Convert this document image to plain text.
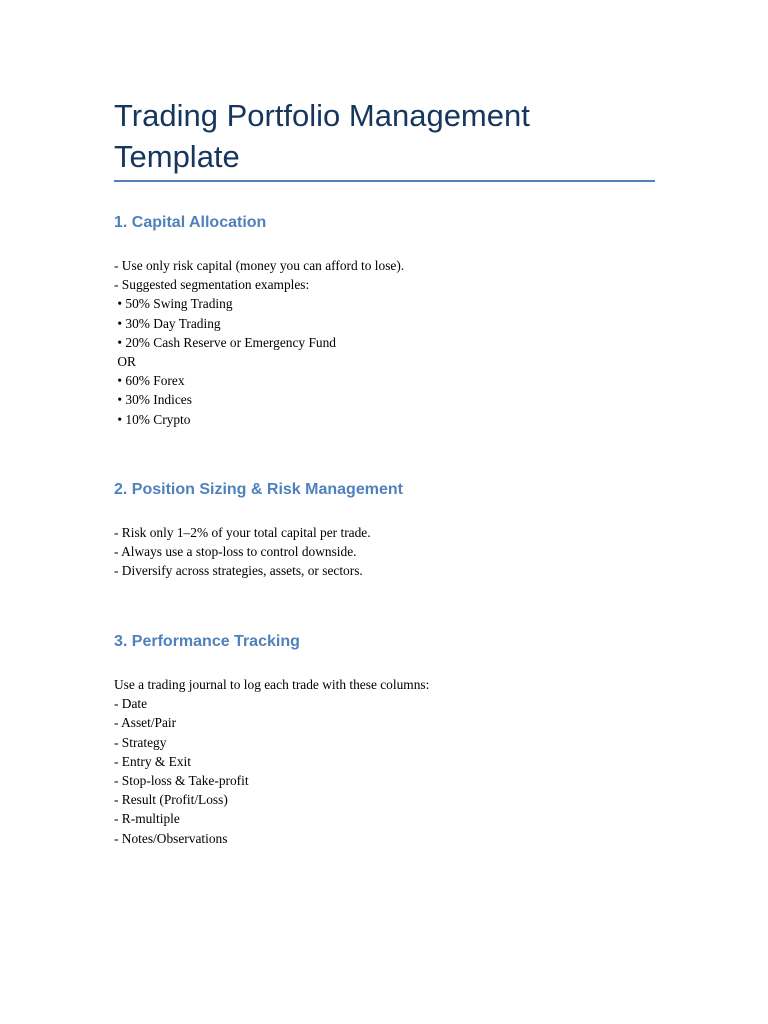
Trading Portfolio Management Template
1. Capital Allocation
- Use only risk capital (money you can afford to lose).
- Suggested segmentation examples:
• 50% Swing Trading
• 30% Day Trading
• 20% Cash Reserve or Emergency Fund
OR
• 60% Forex
• 30% Indices
• 10% Crypto
2. Position Sizing & Risk Management
- Risk only 1–2% of your total capital per trade.
- Always use a stop-loss to control downside.
- Diversify across strategies, assets, or sectors.
3. Performance Tracking
Use a trading journal to log each trade with these columns:
- Date
- Asset/Pair
- Strategy
- Entry & Exit
- Stop-loss & Take-profit
- Result (Profit/Loss)
- R-multiple
- Notes/Observations
